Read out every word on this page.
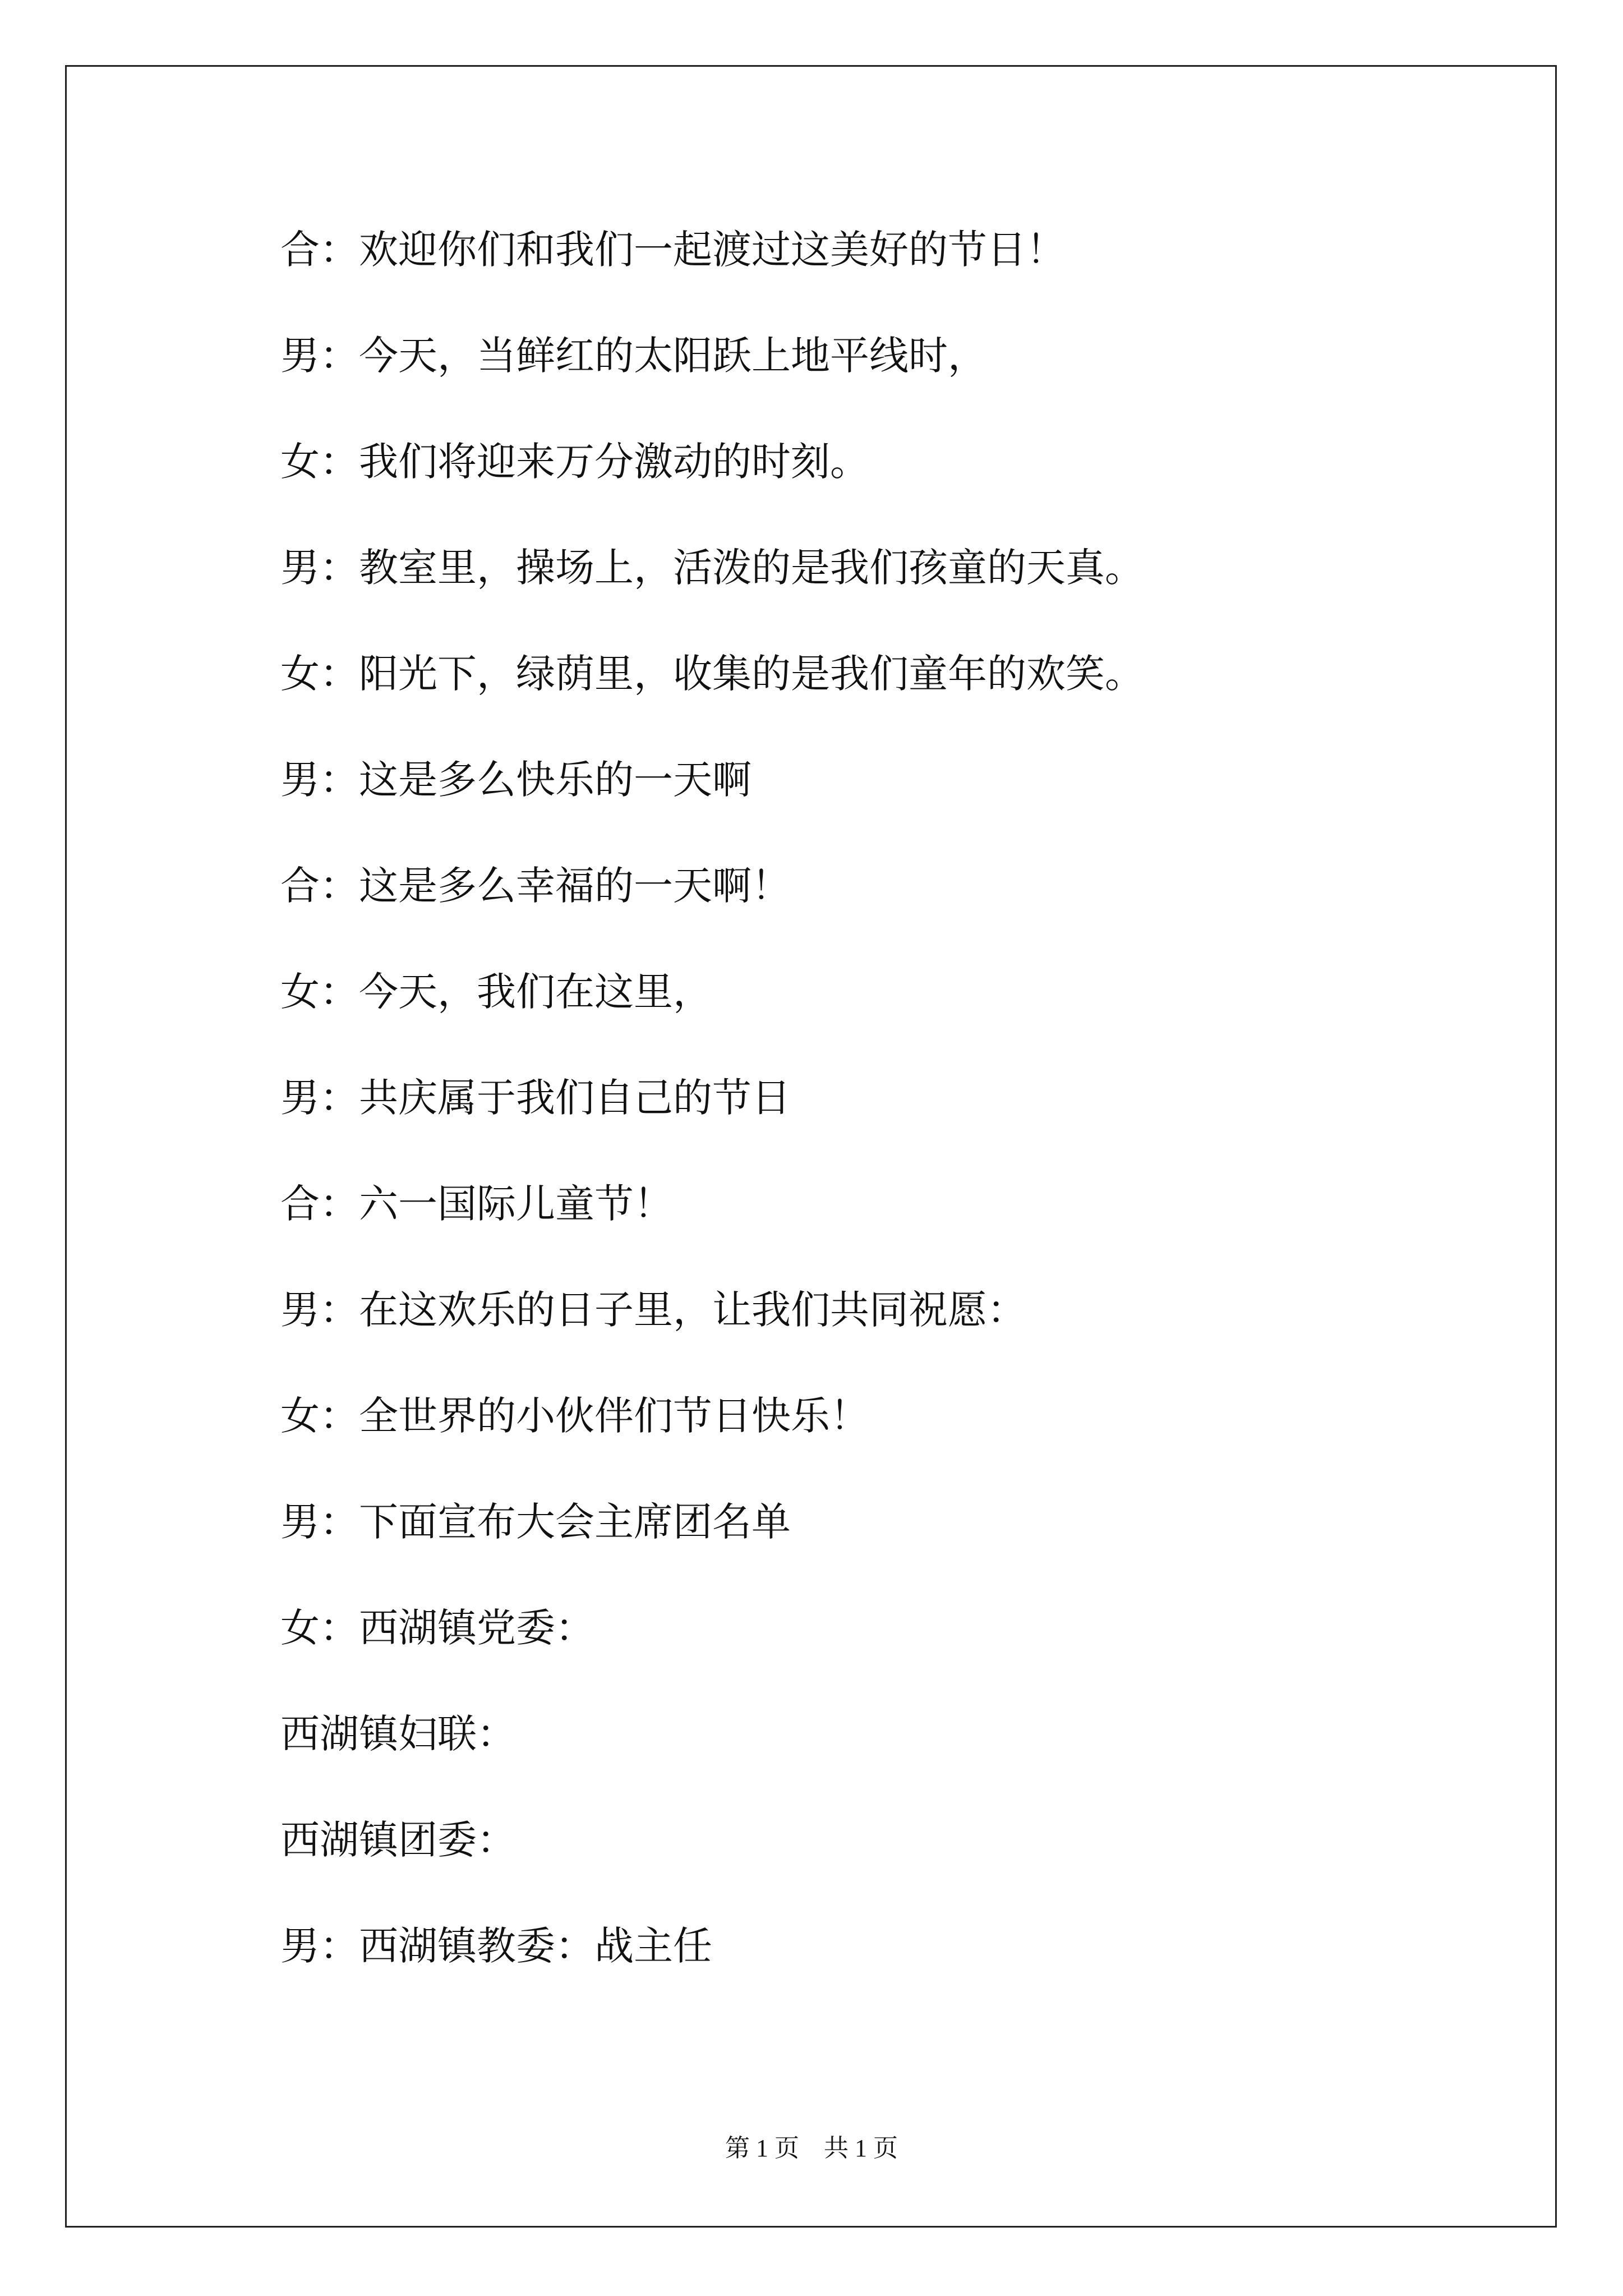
合：欢迎你们和我们一起渡过这美好的节日！
男：今天，当鲜红的太阳跃上地平线时，
女：我们将迎来万分激动的时刻。
男：教室里，操场上，活泼的是我们孩童的天真。
女：阳光下，绿荫里，收集的是我们童年的欢笑。
男：这是多么快乐的一天啊
合：这是多么幸福的一天啊！
女：今天，我们在这里，
男：共庆属于我们自己的节日
合：六一国际儿童节！
男：在这欢乐的日子里，让我们共同祝愿：
女：全世界的小伙伴们节日快乐！
男：下面宣布大会主席团名单
女：西湖镇党委：
西湖镇妇联：
西湖镇团委：
男：西湖镇教委：战主任
第 1 页　共 1 页
